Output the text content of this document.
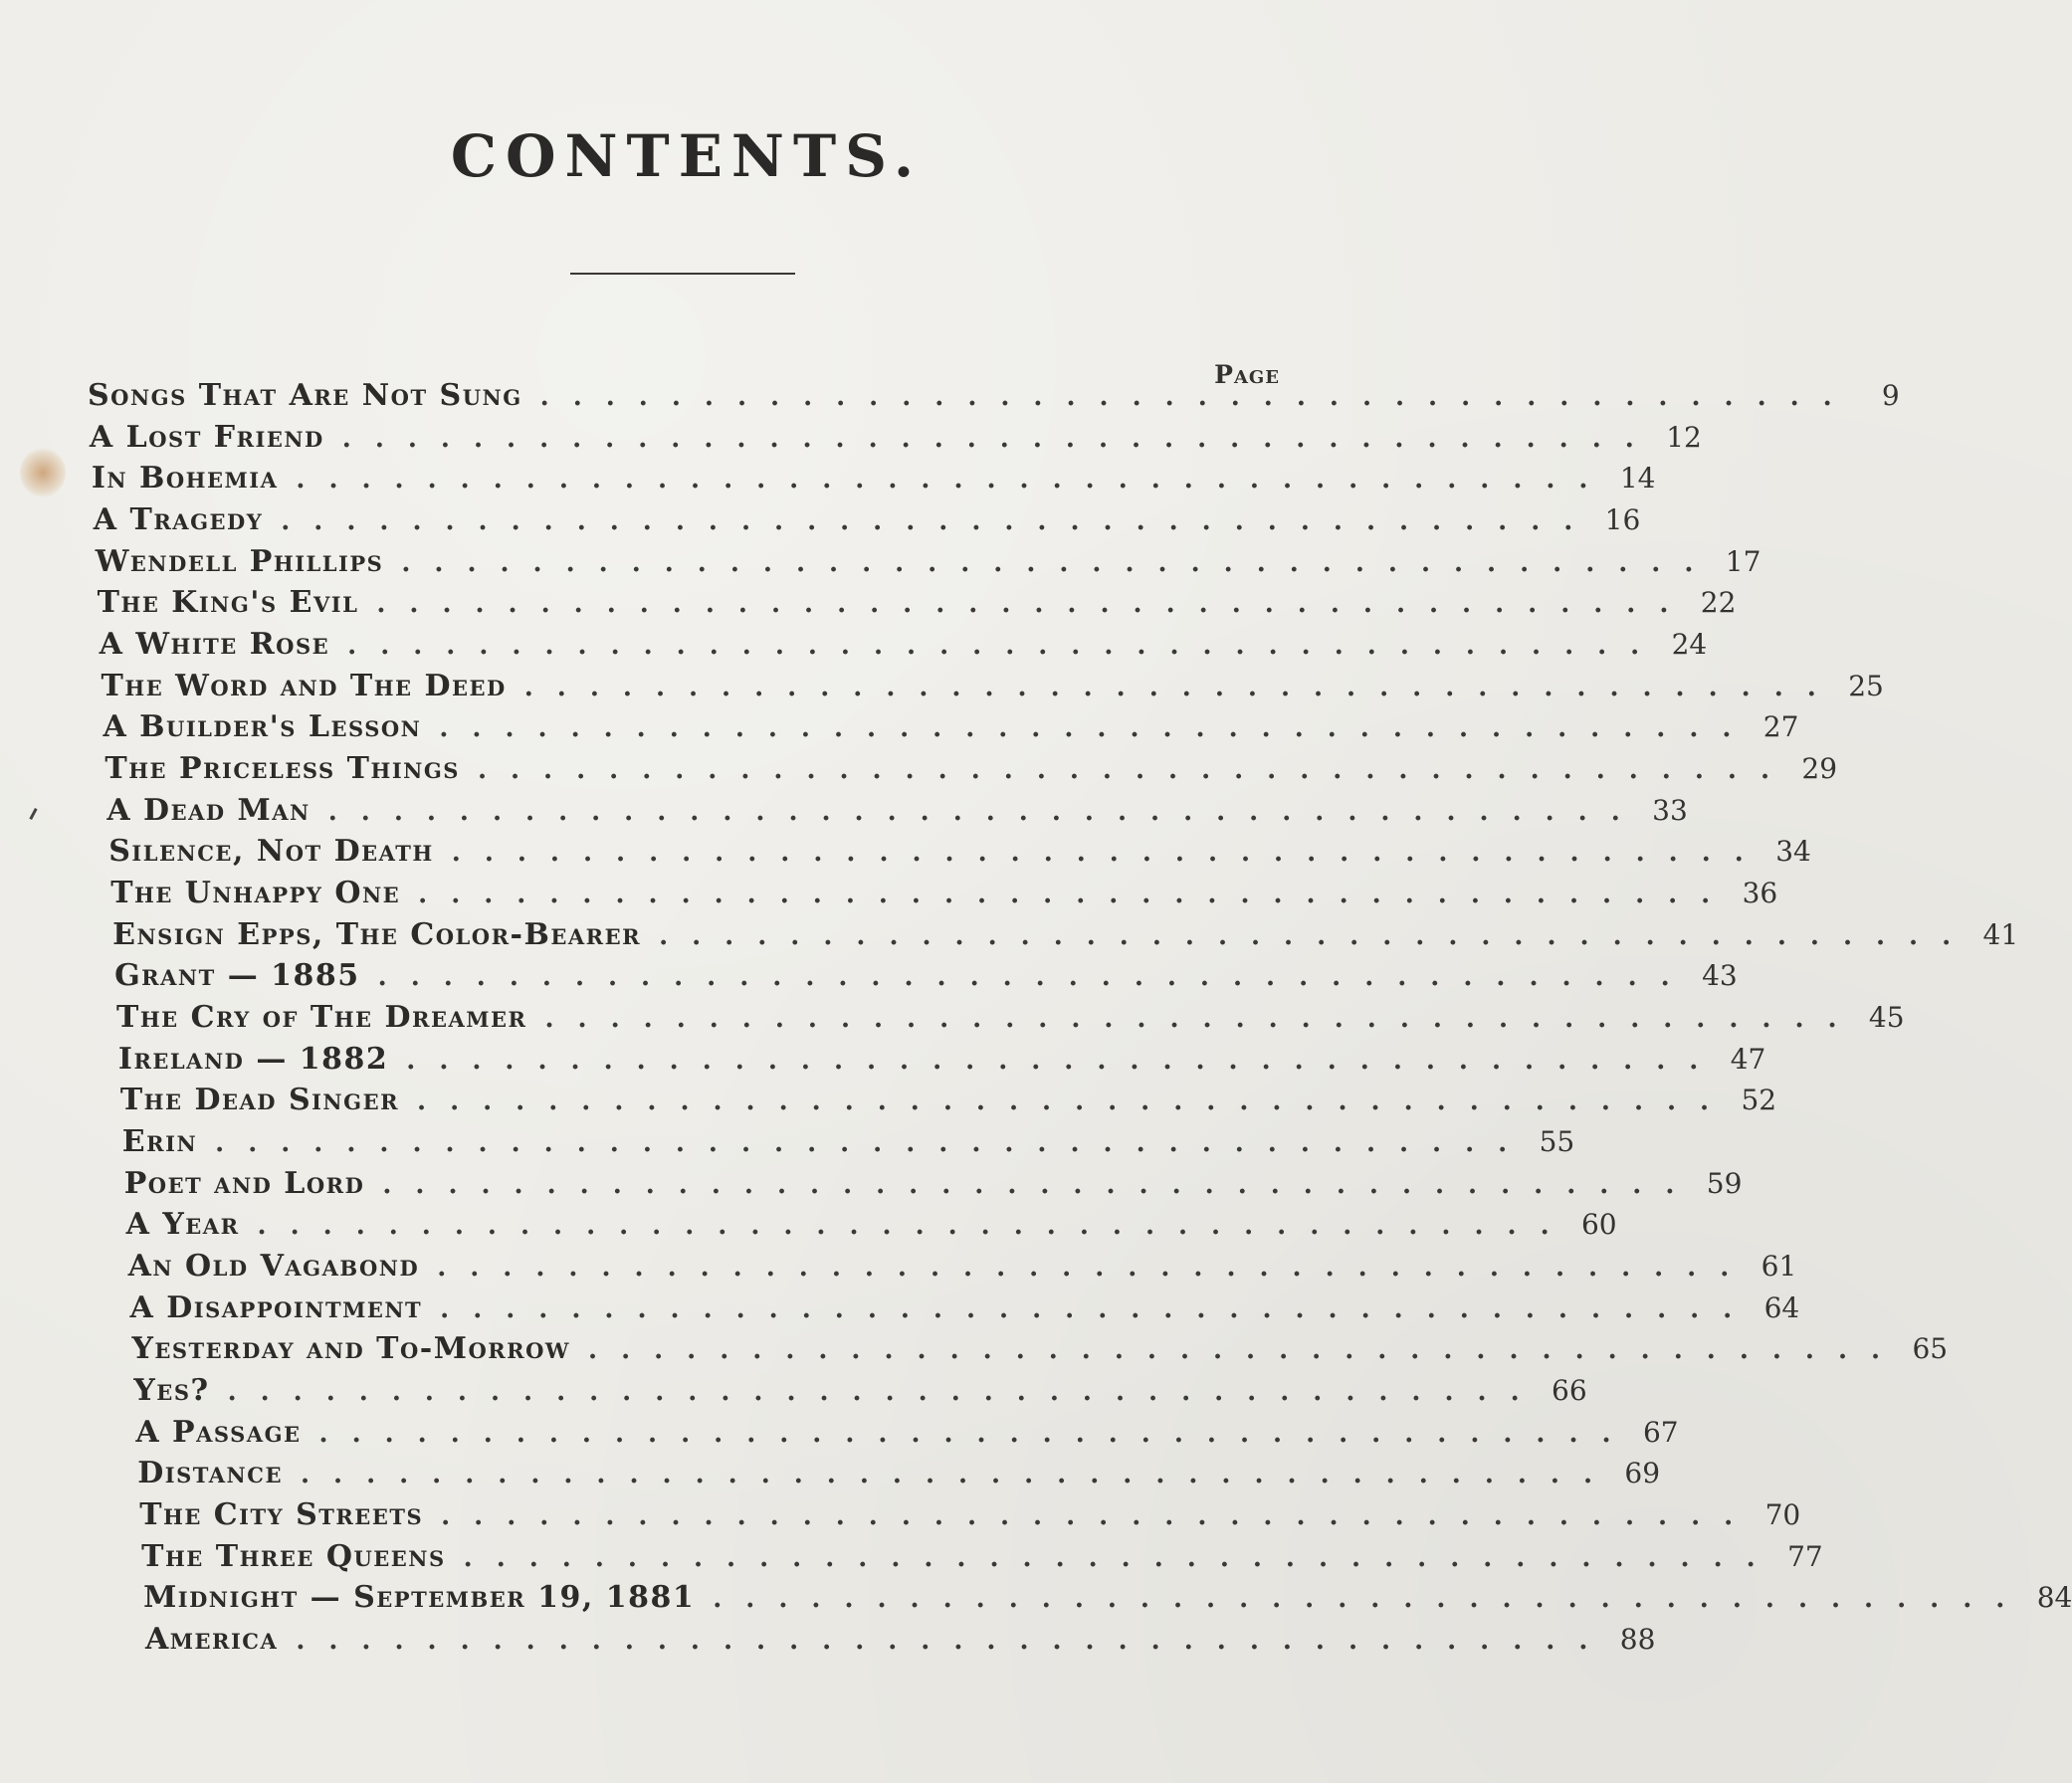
CONTENTS.
Page
Songs That Are Not Sung ........................................ 9
A Lost Friend ........................................ 12
In Bohemia ........................................ 14
A Tragedy ........................................ 16
Wendell Phillips ........................................ 17
The King's Evil ........................................ 22
A White Rose ........................................ 24
The Word and The Deed ........................................ 25
A Builder's Lesson ........................................ 27
The Priceless Things ........................................ 29
A Dead Man ........................................ 33
Silence, Not Death ........................................ 34
The Unhappy One ........................................ 36
Ensign Epps, The Color-Bearer ........................................ 41
Grant — 1885 ........................................ 43
The Cry of The Dreamer ........................................ 45
Ireland — 1882 ........................................ 47
The Dead Singer ........................................ 52
Erin ........................................ 55
Poet and Lord ........................................ 59
A Year ........................................ 60
An Old Vagabond ........................................ 61
A Disappointment ........................................ 64
Yesterday and To-Morrow ........................................ 65
Yes? ........................................ 66
A Passage ........................................ 67
Distance ........................................ 69
The City Streets ........................................ 70
The Three Queens ........................................ 77
Midnight — September 19, 1881 ........................................ 84
America ........................................ 88
